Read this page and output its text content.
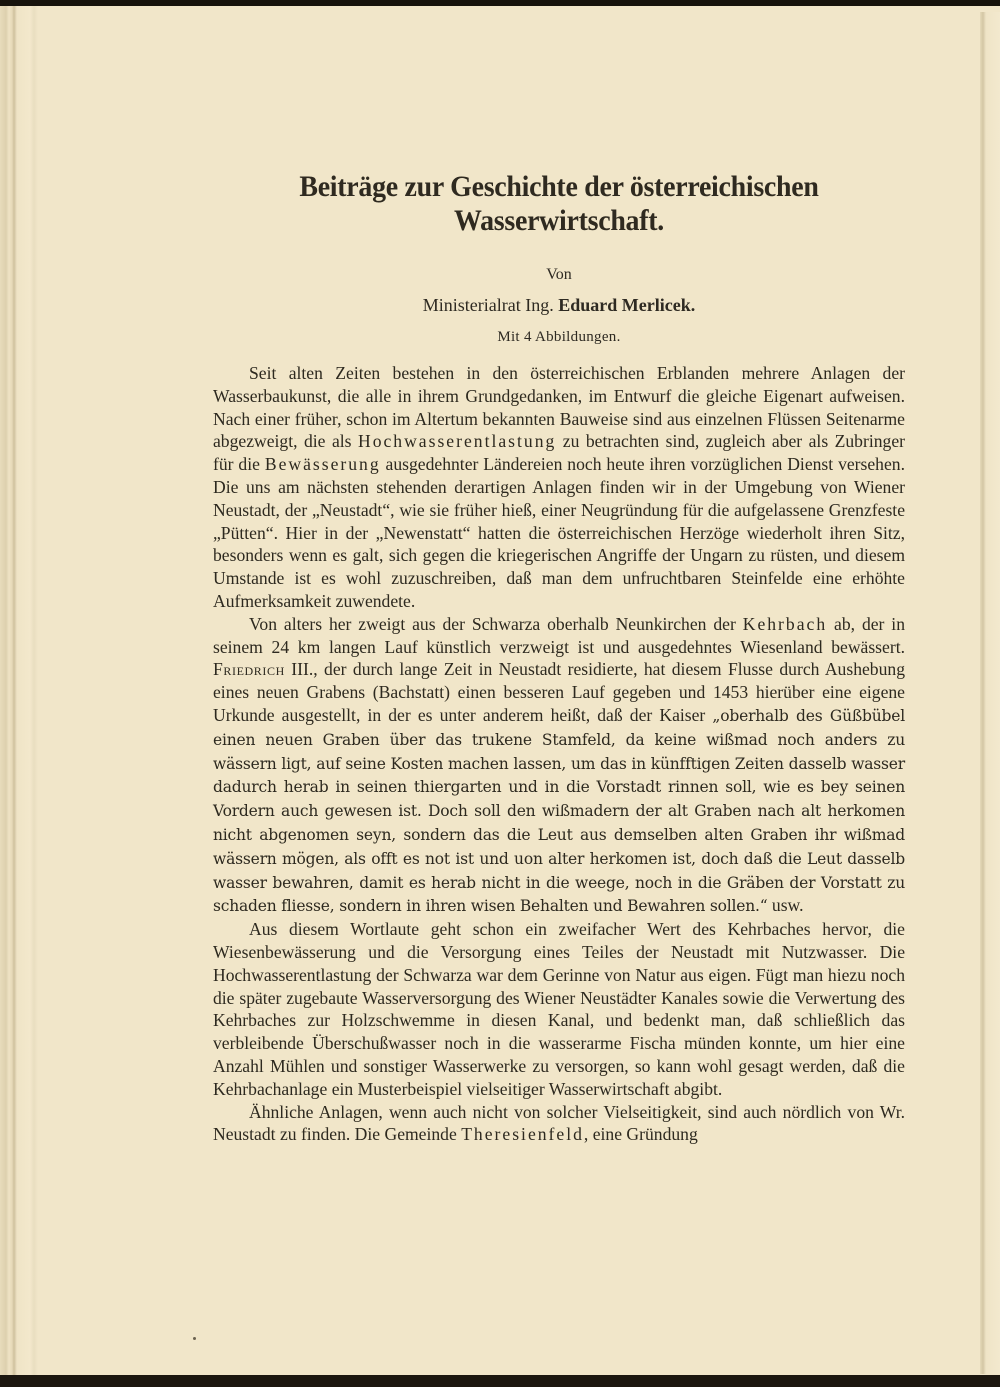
Beiträge zur Geschichte der österreichischen
Wasserwirtschaft.
Von
Ministerialrat Ing. Eduard Merlicek.
Mit 4 Abbildungen.

Seit alten Zeiten bestehen in den österreichischen Erblanden mehrere Anlagen der Wasserbaukunst, die alle in ihrem Grundgedanken, im Entwurf die gleiche Eigenart aufweisen. Nach einer früher, schon im Altertum bekannten Bauweise sind aus einzelnen Flüssen Seitenarme abgezweigt, die als Hochwasserentlastung zu betrachten sind, zugleich aber als Zubringer für die Bewässerung ausgedehnter Ländereien noch heute ihren vorzüglichen Dienst versehen. Die uns am nächsten stehenden derartigen Anlagen finden wir in der Umgebung von Wiener Neustadt, der „Neustadt“, wie sie früher hieß, einer Neugründung für die aufgelassene Grenzfeste „Pütten“. Hier in der „Newenstatt“ hatten die österreichischen Herzöge wiederholt ihren Sitz, besonders wenn es galt, sich gegen die kriegerischen Angriffe der Ungarn zu rüsten, und diesem Umstande ist es wohl zuzuschreiben, daß man dem unfruchtbaren Steinfelde eine erhöhte Aufmerksamkeit zuwendete.

Von alters her zweigt aus der Schwarza oberhalb Neunkirchen der Kehrbach ab, der in seinem 24 km langen Lauf künstlich verzweigt ist und ausgedehntes Wiesenland bewässert. Friedrich III., der durch lange Zeit in Neustadt residierte, hat diesem Flusse durch Aushebung eines neuen Grabens (Bachstatt) einen besseren Lauf gegeben und 1453 hierüber eine eigene Urkunde ausgestellt, in der es unter anderem heißt, daß der Kaiser „oberhalb des Güßbübel einen neuen Graben über das trukene Stamfeld, da keine wißmad noch anders zu wässern ligt, auf seine Kosten machen lassen, um das in künfftigen Zeiten dasselb wasser dadurch herab in seinen thiergarten und in die Vorstadt rinnen soll, wie es bey seinen Vordern auch gewesen ist. Doch soll den wißmadern der alt Graben nach alt herkomen nicht abgenomen seyn, sondern das die Leut aus demselben alten Graben ihr wißmad wässern mögen, als offt es not ist und uon alter herkomen ist, doch daß die Leut dasselb wasser bewahren, damit es herab nicht in die weege, noch in die Gräben der Vorstatt zu schaden fliesse, sondern in ihren wisen Behalten und Bewahren sollen.“ usw.

Aus diesem Wortlaute geht schon ein zweifacher Wert des Kehrbaches hervor, die Wiesenbewässerung und die Versorgung eines Teiles der Neustadt mit Nutzwasser. Die Hochwasserentlastung der Schwarza war dem Gerinne von Natur aus eigen. Fügt man hiezu noch die später zugebaute Wasserversorgung des Wiener Neustädter Kanales sowie die Verwertung des Kehrbaches zur Holzschwemme in diesen Kanal, und bedenkt man, daß schließlich das verbleibende Überschußwasser noch in die wasserarme Fischa münden konnte, um hier eine Anzahl Mühlen und sonstiger Wasserwerke zu versorgen, so kann wohl gesagt werden, daß die Kehrbachanlage ein Musterbeispiel vielseitiger Wasserwirtschaft abgibt.

Ähnliche Anlagen, wenn auch nicht von solcher Vielseitigkeit, sind auch nördlich von Wr. Neustadt zu finden. Die Gemeinde Theresienfeld, eine Gründung
